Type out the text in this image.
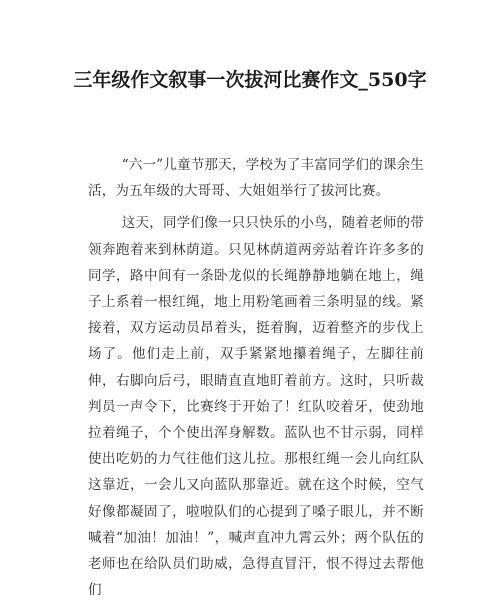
三年级作文叙事一次拔河比赛作文_550字

“六一”儿童节那天，学校为了丰富同学们的课余生活，为五年级的大哥哥、大姐姐举行了拔河比赛。

这天，同学们像一只只快乐的小鸟，随着老师的带领奔跑着来到林荫道。只见林荫道两旁站着许许多多的同学，路中间有一条卧龙似的长绳静静地躺在地上，绳子上系着一根红绳，地上用粉笔画着三条明显的线。紧接着，双方运动员昂着头，挺着胸，迈着整齐的步伐上场了。他们走上前，双手紧紧地攥着绳子，左脚往前伸，右脚向后弓，眼睛直直地盯着前方。这时，只听裁判员一声令下，比赛终于开始了！红队咬着牙，使劲地拉着绳子，个个使出浑身解数。蓝队也不甘示弱，同样使出吃奶的力气往他们这儿拉。那根红绳一会儿向红队这靠近，一会儿又向蓝队那靠近。就在这个时候，空气好像都凝固了，啦啦队们的心提到了嗓子眼儿，并不断喊着“加油！加油！”，喊声直冲九霄云外；两个队伍的老师也在给队员们助威，急得直冒汗，恨不得过去帮他们
